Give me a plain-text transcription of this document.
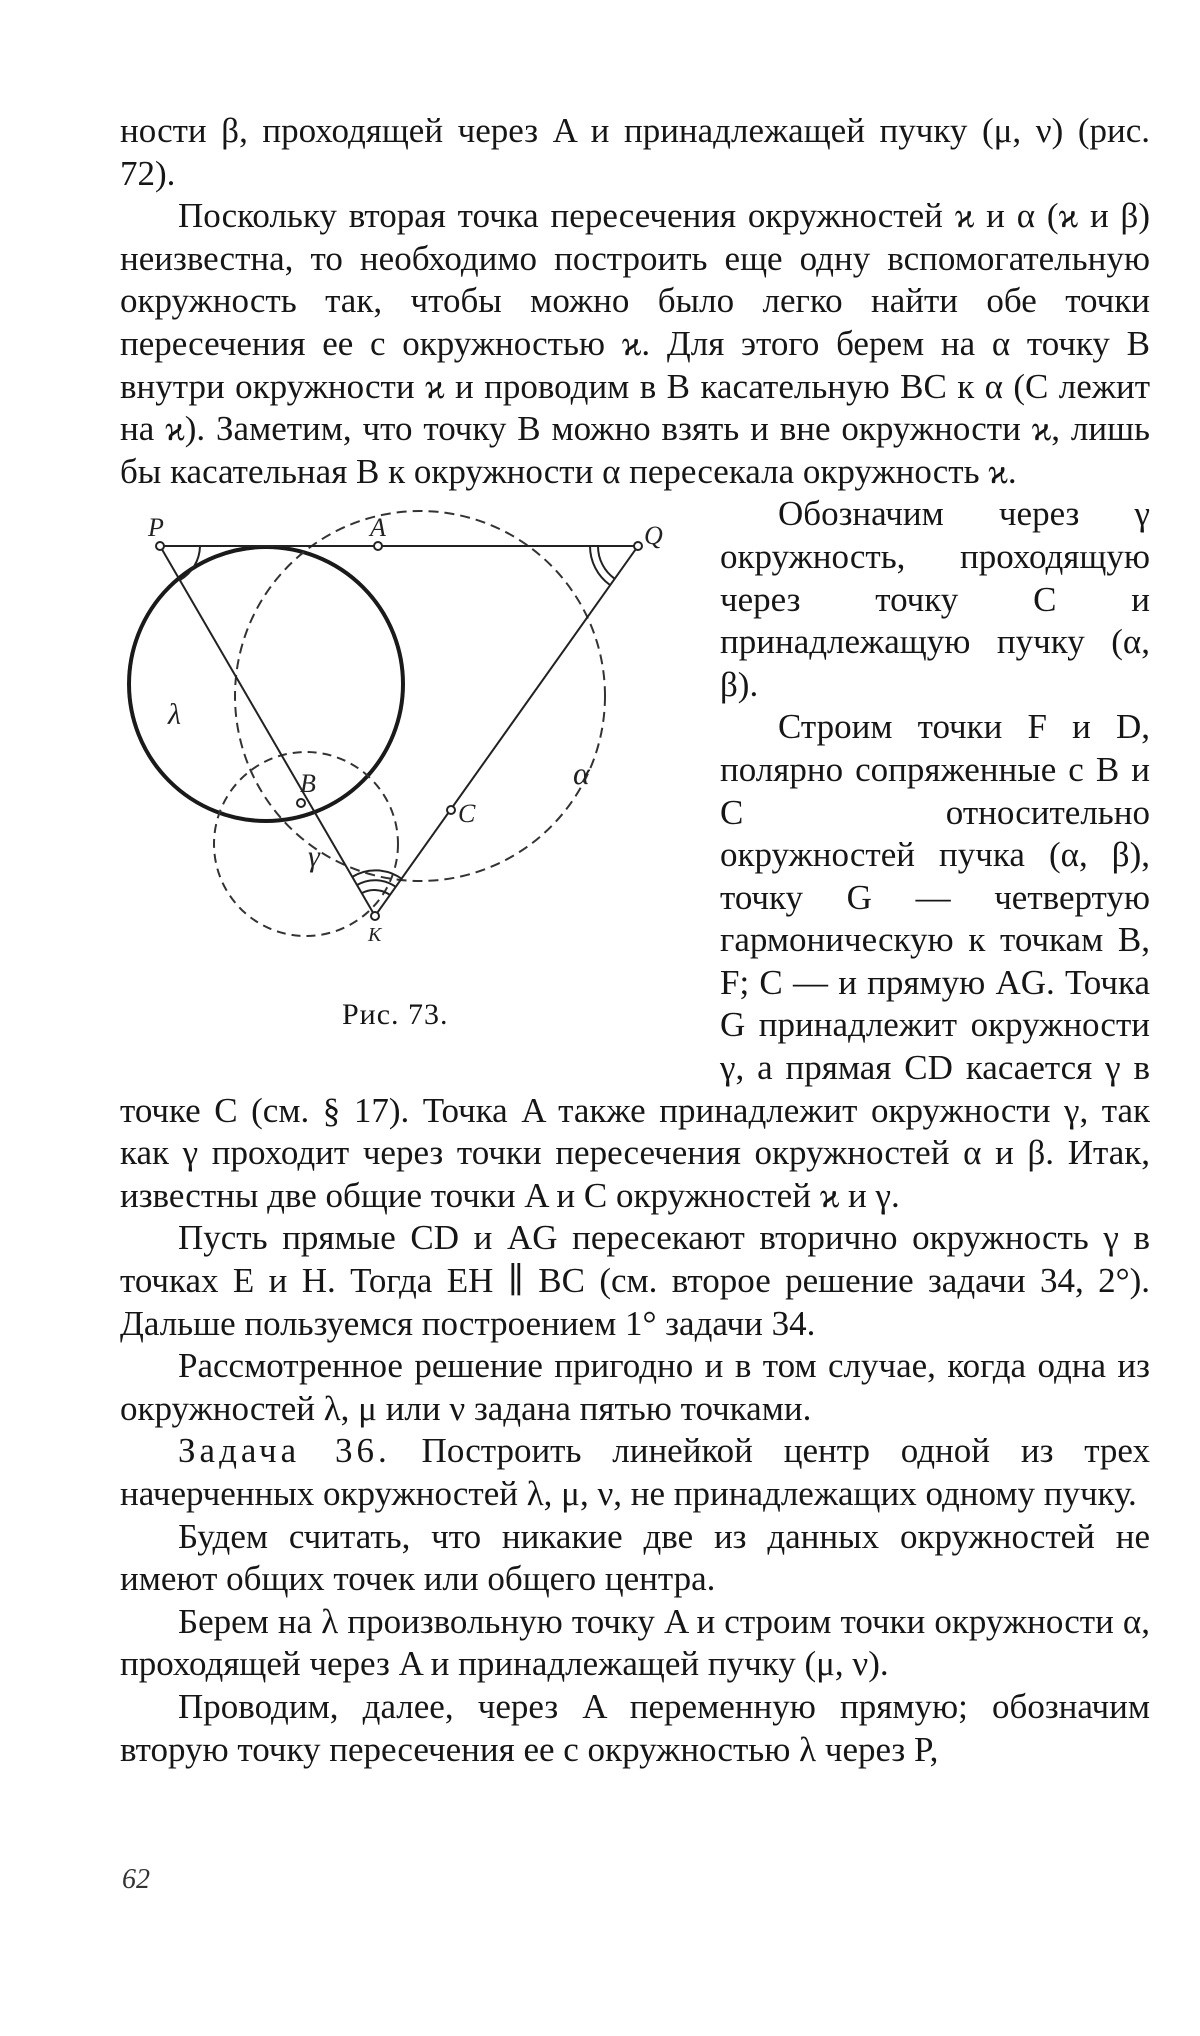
ности β, проходящей через A и принадлежащей пучку (μ, ν) (рис. 72).

Поскольку вторая точка пересечения окружностей ϰ и α (ϰ и β) неизвестна, то необходимо построить еще одну вспомогательную окружность так, чтобы можно было легко найти обе точки пересечения ее с окружностью ϰ. Для этого берем на α точку B внутри окружности ϰ и проводим в B касательную BC к α (C лежит на ϰ). Заметим, что точку B можно взять и вне окружности ϰ, лишь бы касательная B к окружности α пересекала окружность ϰ.

P	A	Q
B
C
K
λ
α
γ
Рис. 73.

Обозначим через γ окружность, проходящую через точку C и принадлежащую пучку (α, β).

Строим точки F и D, полярно сопряженные с B и C относительно окружностей пучка (α, β), точку G — четвертую гармоническую к точкам B, F; C — и прямую AG. Точка G принадлежит окружности γ, а прямая CD касается γ в точке C (см. § 17). Точка A также принадлежит окружности γ, так как γ проходит через точки пересечения окружностей α и β. Итак, известны две общие точки A и C окружностей ϰ и γ.

Пусть прямые CD и AG пересекают вторично окружность γ в точках E и H. Тогда EH ∥ BC (см. второе решение задачи 34, 2°). Дальше пользуемся построением 1° задачи 34.

Рассмотренное решение пригодно и в том случае, когда одна из окружностей λ, μ или ν задана пятью точками.

Задача 36. Построить линейкой центр одной из трех начерченных окружностей λ, μ, ν, не принадлежащих одному пучку.

Будем считать, что никакие две из данных окружностей не имеют общих точек или общего центра.

Берем на λ произвольную точку A и строим точки окружности α, проходящей через A и принадлежащей пучку (μ, ν).

Проводим, далее, через A переменную прямую; обозначим вторую точку пересечения ее с окружностью λ через P,

62
